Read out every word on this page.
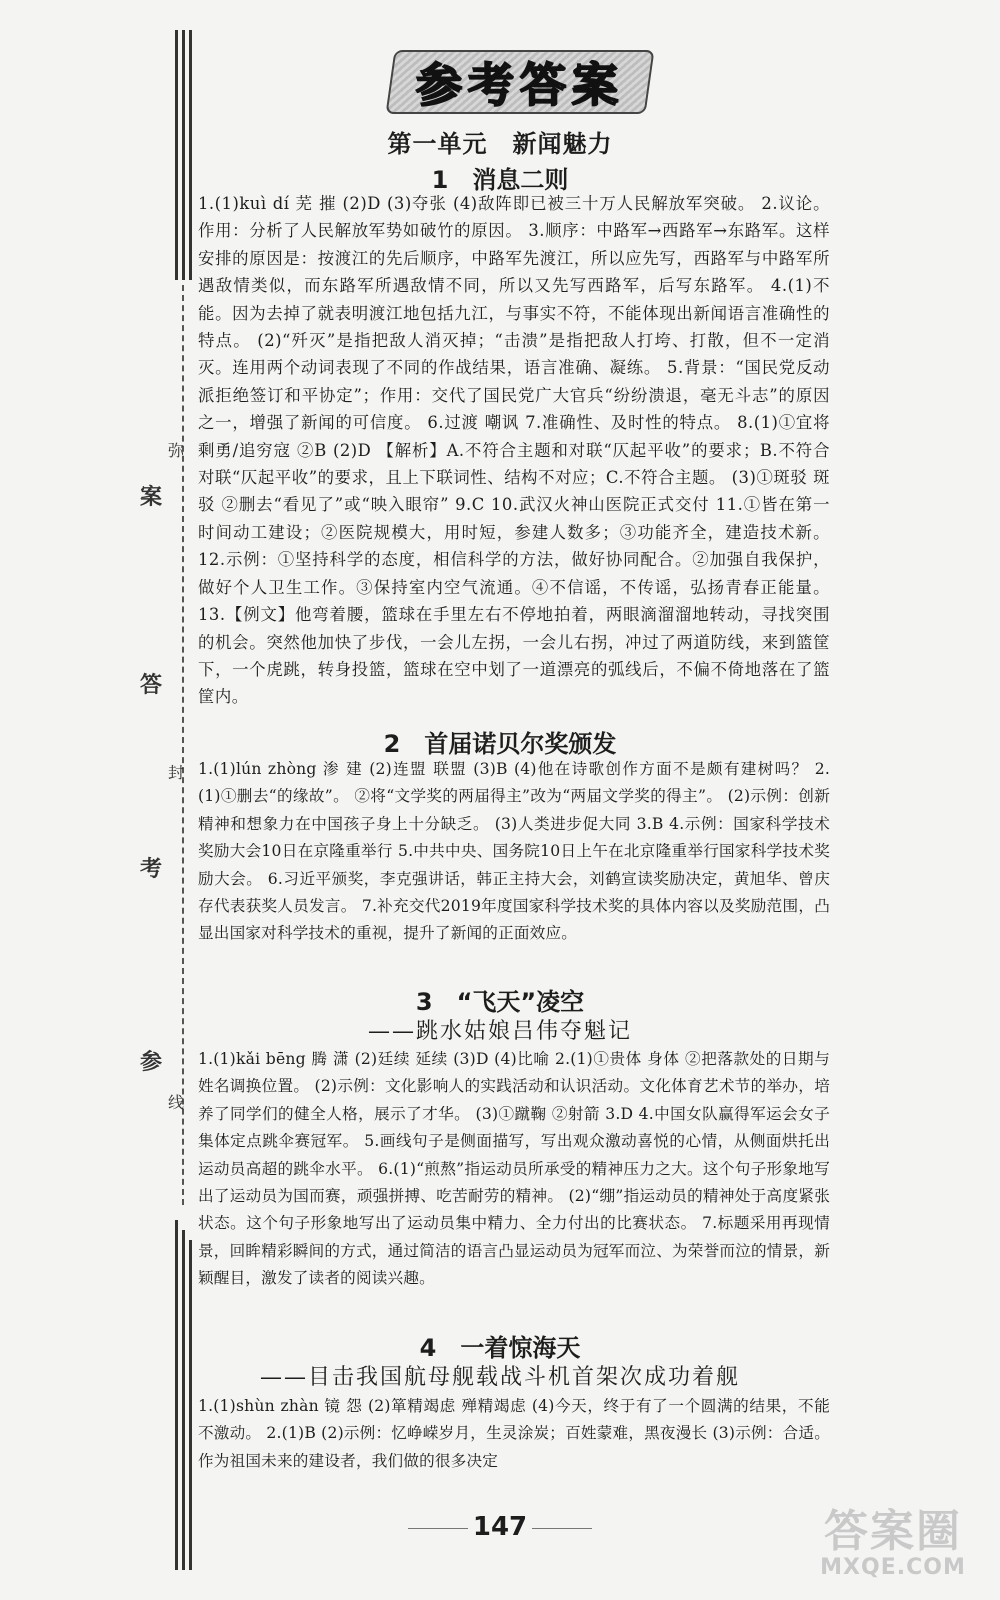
弥
案
封
答
考
线
参
参考答案
第一单元　新闻魅力
1　消息二则
1.(1)kuì dí 芜 摧 (2)D (3)夺张 (4)敌阵即已被三十万人民解放军突破。 2.议论。作用：分析了人民解放军势如破竹的原因。 3.顺序：中路军→西路军→东路军。这样安排的原因是：按渡江的先后顺序，中路军先渡江，所以应先写，西路军与中路军所遇敌情类似，而东路军所遇敌情不同，所以又先写西路军，后写东路军。 4.(1)不能。因为去掉了就表明渡江地包括九江，与事实不符，不能体现出新闻语言准确性的特点。 (2)“歼灭”是指把敌人消灭掉；“击溃”是指把敌人打垮、打散，但不一定消灭。连用两个动词表现了不同的作战结果，语言准确、凝练。 5.背景：“国民党反动派拒绝签订和平协定”；作用：交代了国民党广大官兵“纷纷溃退，毫无斗志”的原因之一，增强了新闻的可信度。 6.过渡 嘲讽 7.准确性、及时性的特点。 8.(1)①宜将剩勇/追穷寇 ②B (2)D 【解析】A.不符合主题和对联“仄起平收”的要求；B.不符合对联“仄起平收”的要求，且上下联词性、结构不对应；C.不符合主题。 (3)①斑驳 斑驳 ②删去“看见了”或“映入眼帘” 9.C 10.武汉火神山医院正式交付 11.①皆在第一时间动工建设；②医院规模大，用时短，参建人数多；③功能齐全，建造技术新。 12.示例：①坚持科学的态度，相信科学的方法，做好协同配合。②加强自我保护，做好个人卫生工作。③保持室内空气流通。④不信谣，不传谣，弘扬青春正能量。 13.【例文】他弯着腰，篮球在手里左右不停地拍着，两眼滴溜溜地转动，寻找突围的机会。突然他加快了步伐，一会儿左拐，一会儿右拐，冲过了两道防线，来到篮筐下，一个虎跳，转身投篮，篮球在空中划了一道漂亮的弧线后，不偏不倚地落在了篮筐内。
2　首届诺贝尔奖颁发
1.(1)lún zhòng 渗 建 (2)连盟 联盟 (3)B (4)他在诗歌创作方面不是颇有建树吗？ 2.(1)①删去“的缘故”。 ②将“文学奖的两届得主”改为“两届文学奖的得主”。 (2)示例：创新精神和想象力在中国孩子身上十分缺乏。 (3)人类进步促大同 3.B 4.示例：国家科学技术奖励大会10日在京隆重举行 5.中共中央、国务院10日上午在北京隆重举行国家科学技术奖励大会。 6.习近平颁奖，李克强讲话，韩正主持大会，刘鹤宣读奖励决定，黄旭华、曾庆存代表获奖人员发言。 7.补充交代2019年度国家科学技术奖的具体内容以及奖励范围，凸显出国家对科学技术的重视，提升了新闻的正面效应。
3　“飞天”凌空
——跳水姑娘吕伟夺魁记
1.(1)kǎi bēng 腾 潇 (2)廷续 延续 (3)D (4)比喻 2.(1)①贵体 身体 ②把落款处的日期与姓名调换位置。 (2)示例：文化影响人的实践活动和认识活动。文化体育艺术节的举办，培养了同学们的健全人格，展示了才华。 (3)①蹴鞠 ②射箭 3.D 4.中国女队赢得军运会女子集体定点跳伞赛冠军。 5.画线句子是侧面描写，写出观众激动喜悦的心情，从侧面烘托出运动员高超的跳伞水平。 6.(1)“煎熬”指运动员所承受的精神压力之大。这个句子形象地写出了运动员为国而赛，顽强拼搏、吃苦耐劳的精神。 (2)“绷”指运动员的精神处于高度紧张状态。这个句子形象地写出了运动员集中精力、全力付出的比赛状态。 7.标题采用再现情景，回眸精彩瞬间的方式，通过简洁的语言凸显运动员为冠军而泣、为荣誉而泣的情景，新颖醒目，激发了读者的阅读兴趣。
4　一着惊海天
——目击我国航母舰载战斗机首架次成功着舰
1.(1)shùn zhàn 镜 怨 (2)箪精竭虑 殚精竭虑 (4)今天，终于有了一个圆满的结果，不能不激动。 2.(1)B (2)示例：忆峥嵘岁月，生灵涂炭；百姓蒙难，黑夜漫长 (3)示例：合适。作为祖国未来的建设者，我们做的很多决定
147	答案圈
MXQE.COM
